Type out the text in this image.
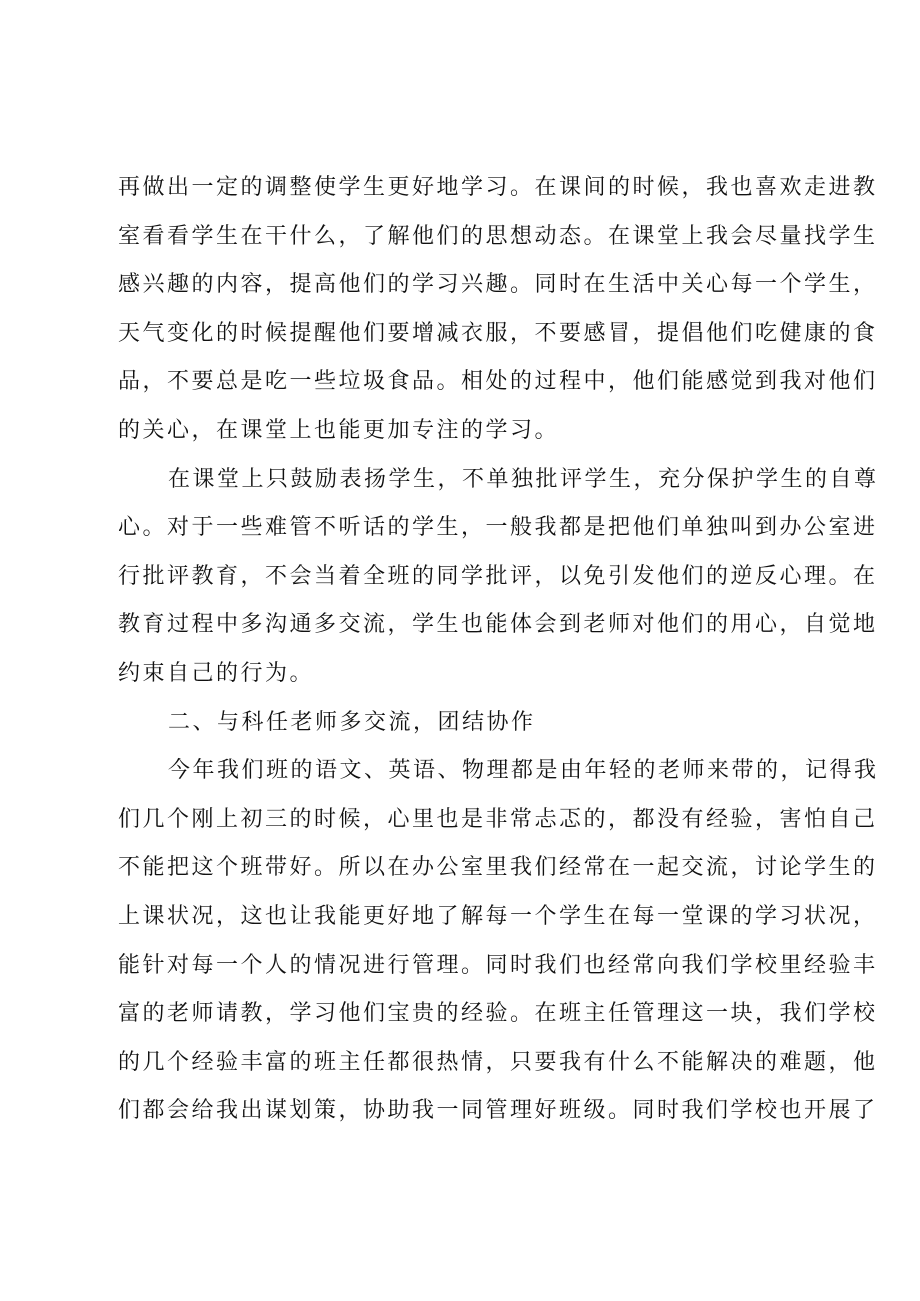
再做出一定的调整使学生更好地学习。在课间的时候，我也喜欢走进教
室看看学生在干什么，了解他们的思想动态。在课堂上我会尽量找学生
感兴趣的内容，提高他们的学习兴趣。同时在生活中关心每一个学生，
天气变化的时候提醒他们要增减衣服，不要感冒，提倡他们吃健康的食
品，不要总是吃一些垃圾食品。相处的过程中，他们能感觉到我对他们
的关心，在课堂上也能更加专注的学习。
在课堂上只鼓励表扬学生，不单独批评学生，充分保护学生的自尊
心。对于一些难管不听话的学生，一般我都是把他们单独叫到办公室进
行批评教育，不会当着全班的同学批评，以免引发他们的逆反心理。在
教育过程中多沟通多交流，学生也能体会到老师对他们的用心，自觉地
约束自己的行为。
二、与科任老师多交流，团结协作
今年我们班的语文、英语、物理都是由年轻的老师来带的，记得我
们几个刚上初三的时候，心里也是非常忐忑的，都没有经验，害怕自己
不能把这个班带好。所以在办公室里我们经常在一起交流，讨论学生的
上课状况，这也让我能更好地了解每一个学生在每一堂课的学习状况，
能针对每一个人的情况进行管理。同时我们也经常向我们学校里经验丰
富的老师请教，学习他们宝贵的经验。在班主任管理这一块，我们学校
的几个经验丰富的班主任都很热情，只要我有什么不能解决的难题，他
们都会给我出谋划策，协助我一同管理好班级。同时我们学校也开展了
